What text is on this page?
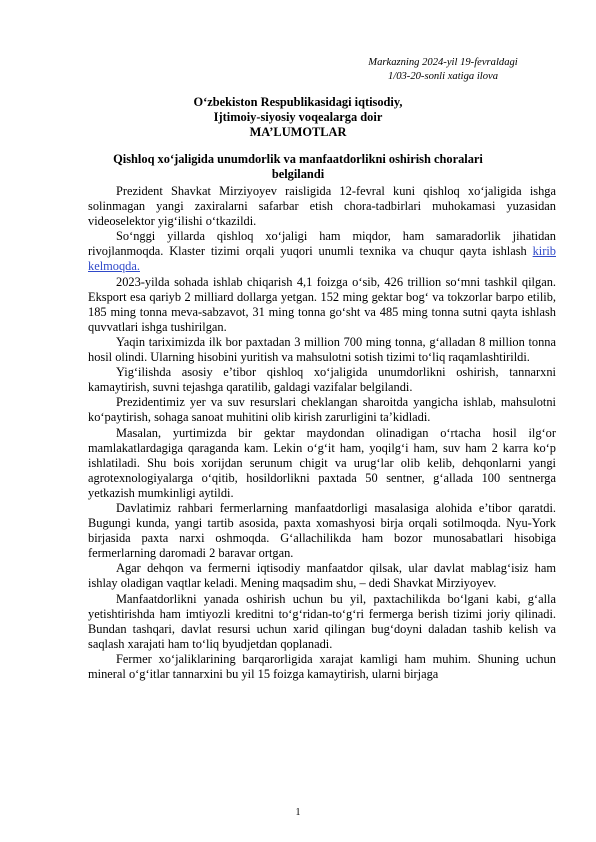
Markazning 2024-yil 19-fevraldagi
1/03-20-sonli xatiga ilova
O‘zbekiston Respublikasidagi iqtisodiy,
Ijtimoiy-siyosiy voqealarga doir
MA’LUMOTLAR
Qishloq xo‘jaligida unumdorlik va manfaatdorlikni oshirish choralari belgilandi

Prezident Shavkat Mirziyoyev raisligida 12-fevral kuni qishloq xo‘jaligida ishga solinmagan yangi zaxiralarni safarbar etish chora-tadbirlari muhokamasi yuzasidan videoselektor yig‘ilishi o‘tkazildi.

So‘nggi yillarda qishloq xo‘jaligi ham miqdor, ham samaradorlik jihatidan rivojlanmoqda. Klaster tizimi orqali yuqori unumli texnika va chuqur qayta ishlash kirib kelmoqda.

2023-yilda sohada ishlab chiqarish 4,1 foizga o‘sib, 426 trillion so‘mni tashkil qilgan. Eksport esa qariyb 2 milliard dollarga yetgan. 152 ming gektar bog‘ va tokzorlar barpo etilib, 185 ming tonna meva-sabzavot, 31 ming tonna go‘sht va 485 ming tonna sutni qayta ishlash quvvatlari ishga tushirilgan.

Yaqin tariximizda ilk bor paxtadan 3 million 700 ming tonna, g‘alladan 8 million tonna hosil olindi. Ularning hisobini yuritish va mahsulotni sotish tizimi to‘liq raqamlashtirildi.

Yig‘ilishda asosiy e’tibor qishloq xo‘jaligida unumdorlikni oshirish, tannarxni kamaytirish, suvni tejashga qaratilib, galdagi vazifalar belgilandi.

Prezidentimiz yer va suv resurslari cheklangan sharoitda yangicha ishlab, mahsulotni ko‘paytirish, sohaga sanoat muhitini olib kirish zarurligini ta’kidladi.

Masalan, yurtimizda bir gektar maydondan olinadigan o‘rtacha hosil ilg‘or mamlakatlardagiga qaraganda kam. Lekin o‘g‘it ham, yoqilg‘i ham, suv ham 2 karra ko‘p ishlatiladi. Shu bois xorijdan serunum chigit va urug‘lar olib kelib, dehqonlarni yangi agrotexnologiyalarga o‘qitib, hosildorlikni paxtada 50 sentner, g‘allada 100 sentnerga yetkazish mumkinligi aytildi.

Davlatimiz rahbari fermerlarning manfaatdorligi masalasiga alohida e’tibor qaratdi. Bugungi kunda, yangi tartib asosida, paxta xomashyosi birja orqali sotilmoqda. Nyu-York birjasida paxta narxi oshmoqda. G‘allachilikda ham bozor munosabatlari hisobiga fermerlarning daromadi 2 baravar ortgan.

Agar dehqon va fermerni iqtisodiy manfaatdor qilsak, ular davlat mablag‘isiz ham ishlay oladigan vaqtlar keladi. Mening maqsadim shu, – dedi Shavkat Mirziyoyev.

Manfaatdorlikni yanada oshirish uchun bu yil, paxtachilikda bo‘lgani kabi, g‘alla yetishtirishda ham imtiyozli kreditni to‘g‘ridan-to‘g‘ri fermerga berish tizimi joriy qilinadi. Bundan tashqari, davlat resursi uchun xarid qilingan bug‘doyni daladan tashib kelish va saqlash xarajati ham to‘liq byudjetdan qoplanadi.

Fermer xo‘jaliklarining barqarorligida xarajat kamligi ham muhim. Shuning uchun mineral o‘g‘itlar tannarxini bu yil 15 foizga kamaytirish, ularni birjaga

1
